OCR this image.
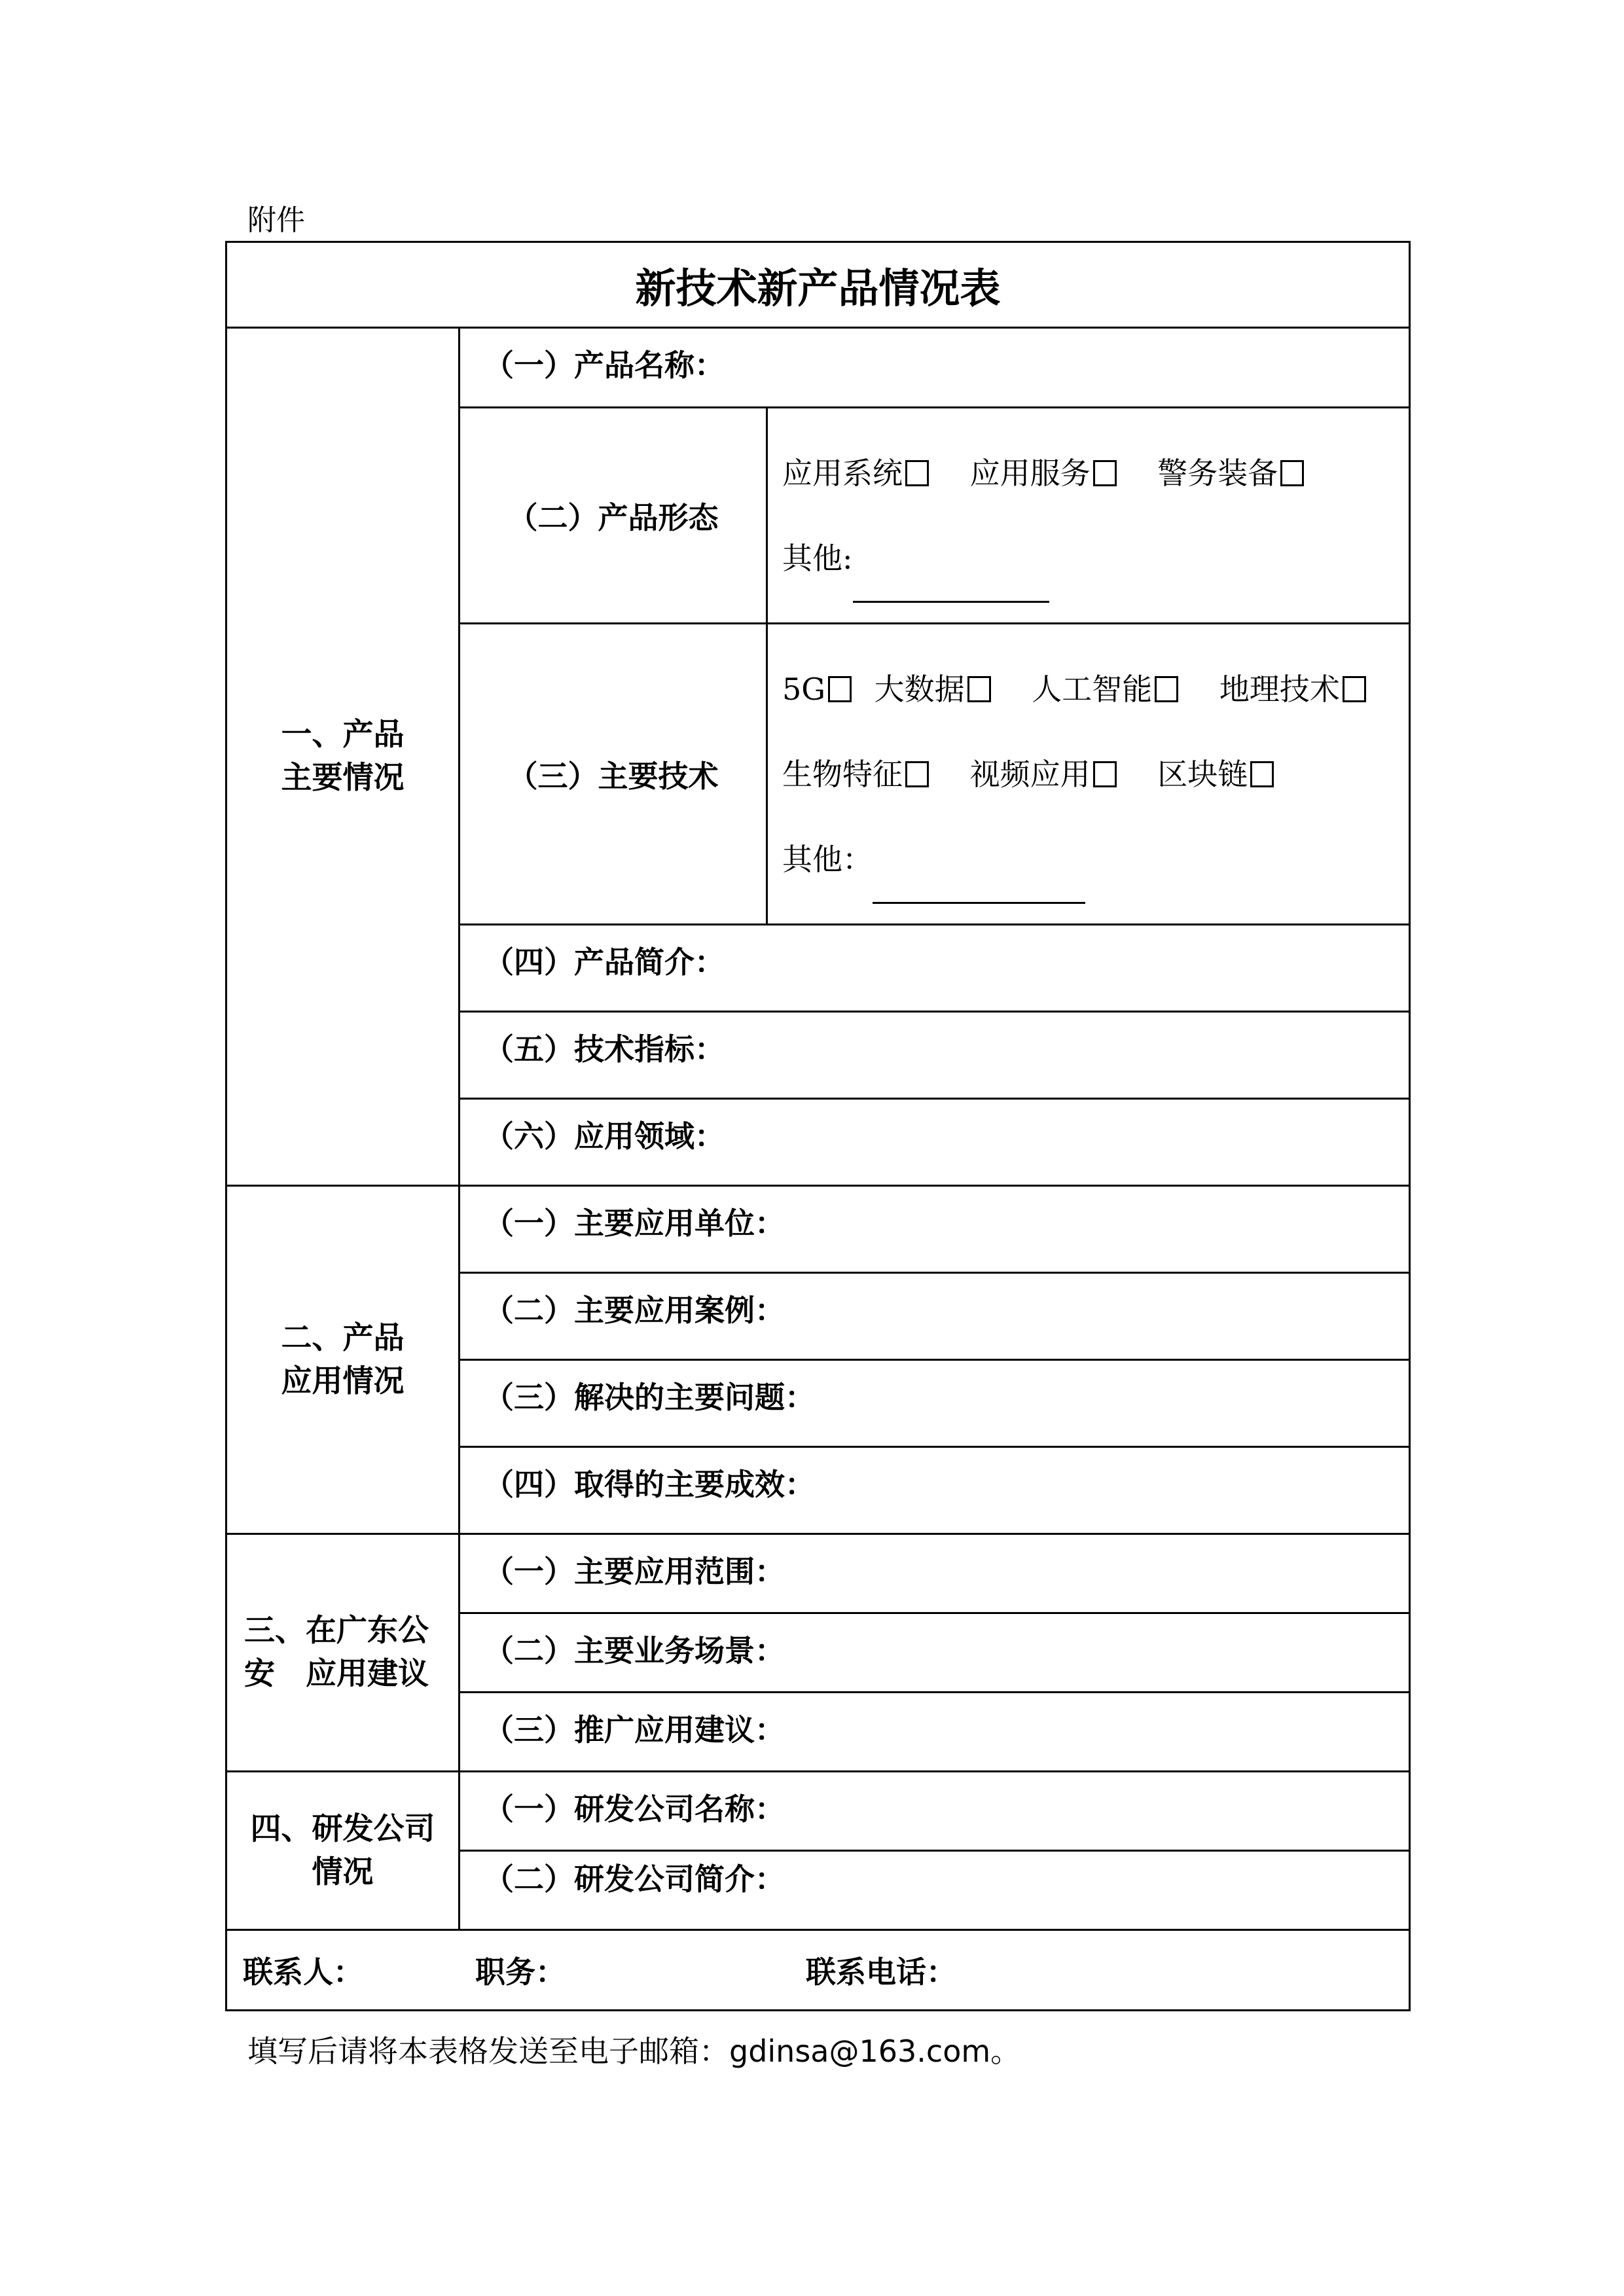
附件
新技术新产品情况表		

一、产品
主要情况	（一）产品名称：	
	（二）产品形态	应用系统 应用服务 警务装备
其他:

	（三）主要技术	5G 大数据 人工智能 地理技术
生物特征 视频应用 区块链
其他：

	（四）产品简介：	
	（五）技术指标：	
	（六）应用领域：	

二、产品
应用情况	（一）主要应用单位：	
	（二）主要应用案例：	
	（三）解决的主要问题：	
	（四）取得的主要成效：	

三、在广东公
安　应用建议	（一）主要应用范围：	
	（二）主要业务场景：	
	（三）推广应用建议：	

四、研发公司
情况	（一）研发公司名称：	
	（二）研发公司简介：	
联系人： 职务： 联系电话：		
填写后请将本表格发送至电子邮箱：gdinsa@163.com。
